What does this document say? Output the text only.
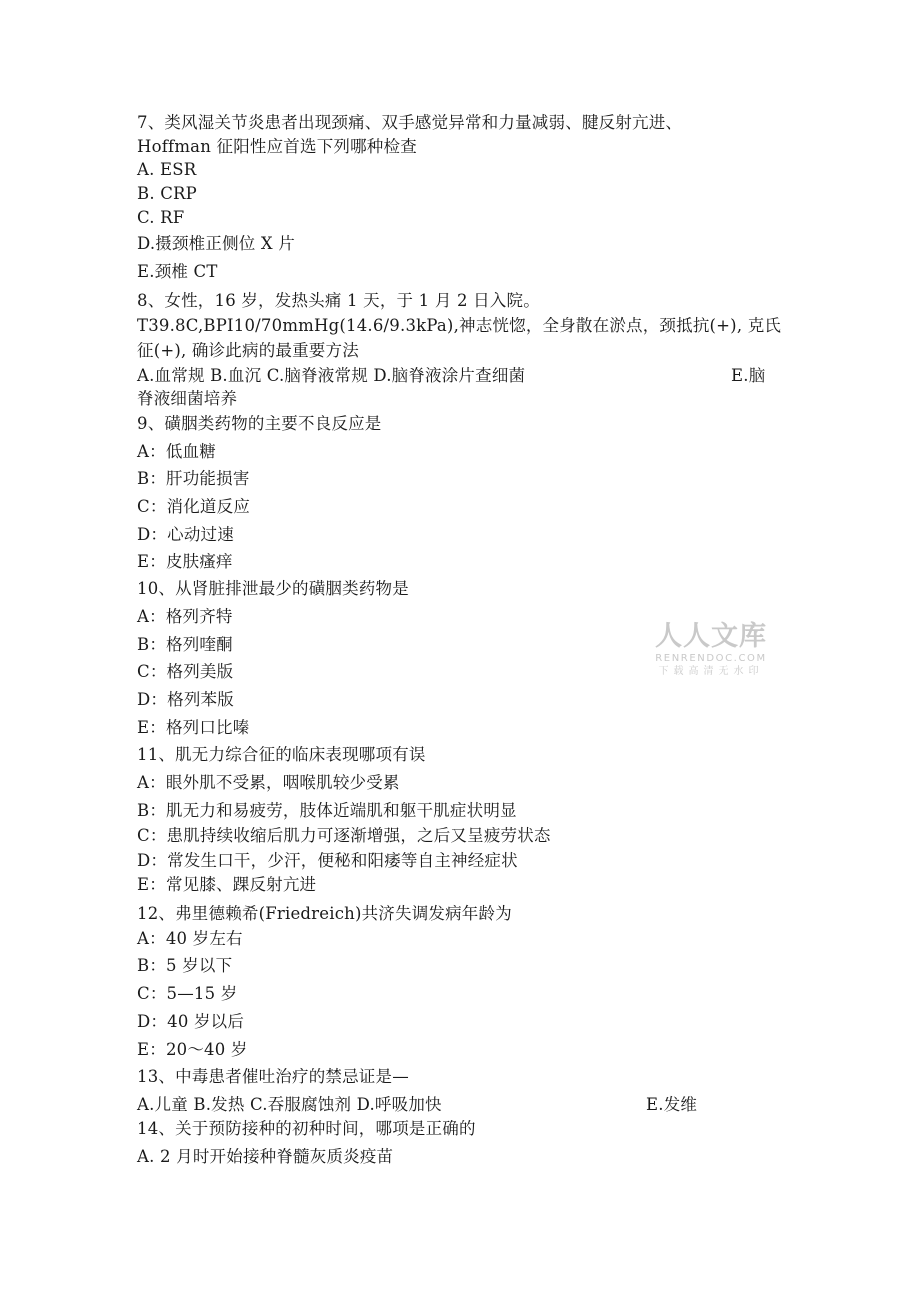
7、类风湿关节炎患者出现颈痛、双手感觉异常和力量减弱、腱反射亢进、
Hoffman 征阳性应首选下列哪种检查
A. ESR
B. CRP
C. RF
D.摄颈椎正侧位 X 片
E.颈椎 CT
8、女性，16 岁，发热头痛 1 天，于 1 月 2 日入院。
T39.8C,BPI10/70mmHg(14.6/9.3kPa),神志恍惚，全身散在淤点，颈抵抗(+), 克氏
征(+), 确诊此病的最重要方法
A.血常规 B.血沉 C.脑脊液常规 D.脑脊液涂片查细菌	E.脑
脊液细菌培养
9、磺胭类药物的主要不良反应是
A：低血糖
B：肝功能损害
C：消化道反应
D：心动过速
E：皮肤瘙痒
10、从肾脏排泄最少的磺胭类药物是
A：格列齐特
B：格列喹酮
C：格列美版
D：格列苯版
E：格列口比嗪
11、肌无力综合征的临床表现哪项有误
A：眼外肌不受累，咽喉肌较少受累
B：肌无力和易疲劳，肢体近端肌和躯干肌症状明显
C：患肌持续收缩后肌力可逐渐增强，之后又呈疲劳状态
D：常发生口干，少汗，便秘和阳痿等自主神经症状
E：常见膝、踝反射亢进
12、弗里德赖希(Friedreich)共济失调发病年龄为
A：40 岁左右
B：5 岁以下
C：5—15 岁
D：40 岁以后
E：20〜40 岁
13、中毒患者催吐治疗的禁忌证是—
A.儿童 B.发热 C.吞服腐蚀剂 D.呼吸加快	E.发维
14、关于预防接种的初种时间，哪项是正确的
A. 2 月时开始接种脊髓灰质炎疫苗
人人文库
RENRENDOC.COM
下载高清无水印
